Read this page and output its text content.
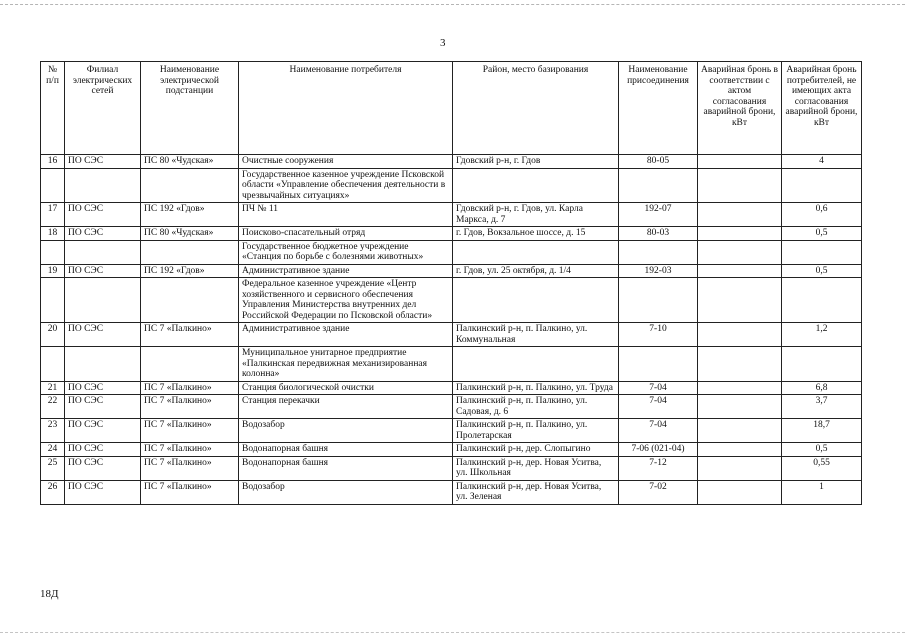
3
№ п/п	Филиал электрических сетей	Наименование электрической подстанции	Наименование потребителя	Район, место базирования	Наименование присоединения	Аварийная бронь в соответствии с актом согласования аварийной брони, кВт	Аварийная бронь потребителей, не имеющих акта согласования аварийной брони, кВт
16	ПО СЭС	ПС 80 «Чудская»	Очистные сооружения	Гдовский р-н, г. Гдов	80-05		4
			Государственное казенное учреждение Псковской области «Управление обеспечения деятельности в чрезвычайных ситуациях»				
17	ПО СЭС	ПС 192 «Гдов»	ПЧ № 11	Гдовский р-н, г. Гдов, ул. Карла Маркса, д. 7	192-07		0,6
18	ПО СЭС	ПС 80 «Чудская»	Поисково-спасательный отряд	г. Гдов, Вокзальное шоссе, д. 15	80-03		0,5
			Государственное бюджетное учреждение «Станция по борьбе с болезнями животных»				
19	ПО СЭС	ПС 192 «Гдов»	Административное здание	г. Гдов, ул. 25 октября, д. 1/4	192-03		0,5
			Федеральное казенное учреждение «Центр хозяйственного и сервисного обеспечения Управления Министерства внутренних дел Российской Федерации по Псковской области»				
20	ПО СЭС	ПС 7 «Палкино»	Административное здание	Палкинский р-н, п. Палкино, ул. Коммунальная	7-10		1,2
			Муниципальное унитарное предприятие «Палкинская передвижная механизированная колонна»				
21	ПО СЭС	ПС 7 «Палкино»	Станция биологической очистки	Палкинский р-н, п. Палкино, ул. Труда	7-04		6,8
22	ПО СЭС	ПС 7 «Палкино»	Станция перекачки	Палкинский р-н, п. Палкино, ул. Садовая, д. 6	7-04		3,7
23	ПО СЭС	ПС 7 «Палкино»	Водозабор	Палкинский р-н, п. Палкино, ул. Пролетарская	7-04		18,7
24	ПО СЭС	ПС 7 «Палкино»	Водонапорная башня	Палкинский р-н, дер. Слопыгино	7-06 (021-04)		0,5
25	ПО СЭС	ПС 7 «Палкино»	Водонапорная башня	Палкинский р-н, дер. Новая Уситва, ул. Школьная	7-12		0,55
26	ПО СЭС	ПС 7 «Палкино»	Водозабор	Палкинский р-н, дер. Новая Уситва, ул. Зеленая	7-02		1
18Д
